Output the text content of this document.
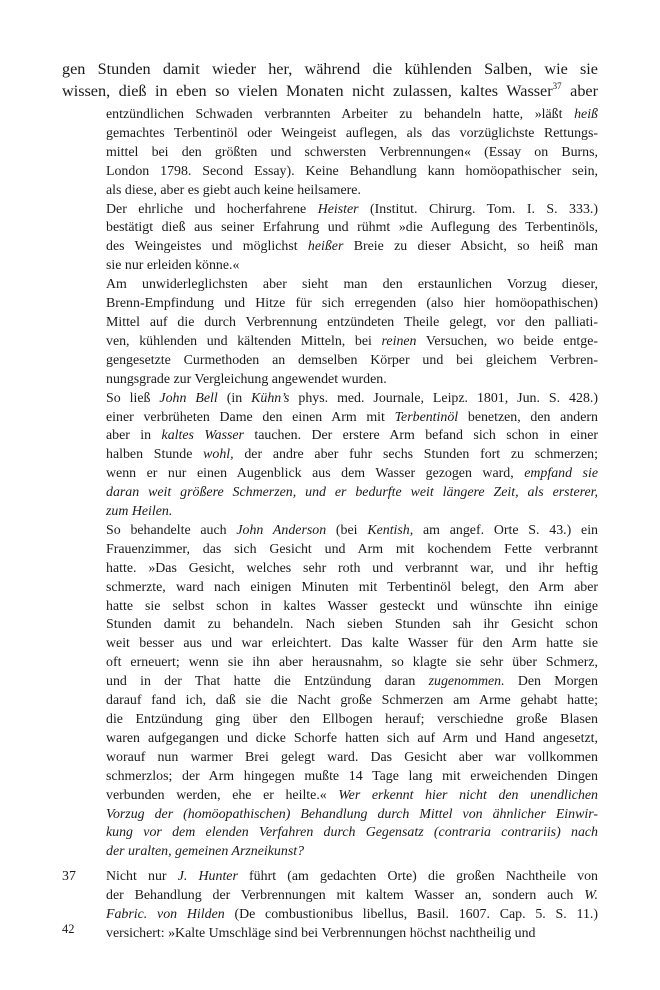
gen Stunden damit wieder her, während die kühlenden Salben, wie sie
wissen, dieß in eben so vielen Monaten nicht zulassen, kaltes Wasser$^{37}$ aber
entzündlichen Schwaden verbrannten Arbeiter zu behandeln hatte, »läßt heiß
gemachtes Terbentinöl oder Weingeist auflegen, als das vorzüglichste Rettungs-
mittel bei den größten und schwersten Verbrennungen« (Essay on Burns,
London 1798. Second Essay). Keine Behandlung kann homöopathischer sein,
als diese, aber es giebt auch keine heilsamere.
Der ehrliche und hocherfahrene Heister (Institut. Chirurg. Tom. I. S. 333.)
bestätigt dieß aus seiner Erfahrung und rühmt »die Auflegung des Terbentinöls,
des Weingeistes und möglichst heißer Breie zu dieser Absicht, so heiß man
sie nur erleiden könne.«
Am unwiderleglichsten aber sieht man den erstaunlichen Vorzug dieser,
Brenn-Empfindung und Hitze für sich erregenden (also hier homöopathischen)
Mittel auf die durch Verbrennung entzündeten Theile gelegt, vor den palliati-
ven, kühlenden und kältenden Mitteln, bei reinen Versuchen, wo beide entge-
gengesetzte Curmethoden an demselben Körper und bei gleichem Verbren-
nungsgrade zur Vergleichung angewendet wurden.
So ließ John Bell (in Kühn’s phys. med. Journale, Leipz. 1801, Jun. S. 428.)
einer verbrüheten Dame den einen Arm mit Terbentinöl benetzen, den andern
aber in kaltes Wasser tauchen. Der erstere Arm befand sich schon in einer
halben Stunde wohl, der andre aber fuhr sechs Stunden fort zu schmerzen;
wenn er nur einen Augenblick aus dem Wasser gezogen ward, empfand sie
daran weit größere Schmerzen, und er bedurfte weit längere Zeit, als ersterer,
zum Heilen.
So behandelte auch John Anderson (bei Kentish, am angef. Orte S. 43.) ein
Frauenzimmer, das sich Gesicht und Arm mit kochendem Fette verbrannt
hatte. »Das Gesicht, welches sehr roth und verbrannt war, und ihr heftig
schmerzte, ward nach einigen Minuten mit Terbentinöl belegt, den Arm aber
hatte sie selbst schon in kaltes Wasser gesteckt und wünschte ihn einige
Stunden damit zu behandeln. Nach sieben Stunden sah ihr Gesicht schon
weit besser aus und war erleichtert. Das kalte Wasser für den Arm hatte sie
oft erneuert; wenn sie ihn aber herausnahm, so klagte sie sehr über Schmerz,
und in der That hatte die Entzündung daran zugenommen. Den Morgen
darauf fand ich, daß sie die Nacht große Schmerzen am Arme gehabt hatte;
die Entzündung ging über den Ellbogen herauf; verschiedne große Blasen
waren aufgegangen und dicke Schorfe hatten sich auf Arm und Hand angesetzt,
worauf nun warmer Brei gelegt ward. Das Gesicht aber war vollkommen
schmerzlos; der Arm hingegen mußte 14 Tage lang mit erweichenden Dingen
verbunden werden, ehe er heilte.« Wer erkennt hier nicht den unendlichen
Vorzug der (homöopathischen) Behandlung durch Mittel von ähnlicher Einwir-
kung vor dem elenden Verfahren durch Gegensatz (contraria contrariis) nach
der uralten, gemeinen Arzneikunst?
37 Nicht nur J. Hunter führt (am gedachten Orte) die großen Nachtheile von
der Behandlung der Verbrennungen mit kaltem Wasser an, sondern auch W.
Fabric. von Hilden (De combustionibus libellus, Basil. 1607. Cap. 5. S. 11.)
versichert: »Kalte Umschläge sind bei Verbrennungen höchst nachtheilig und
42
